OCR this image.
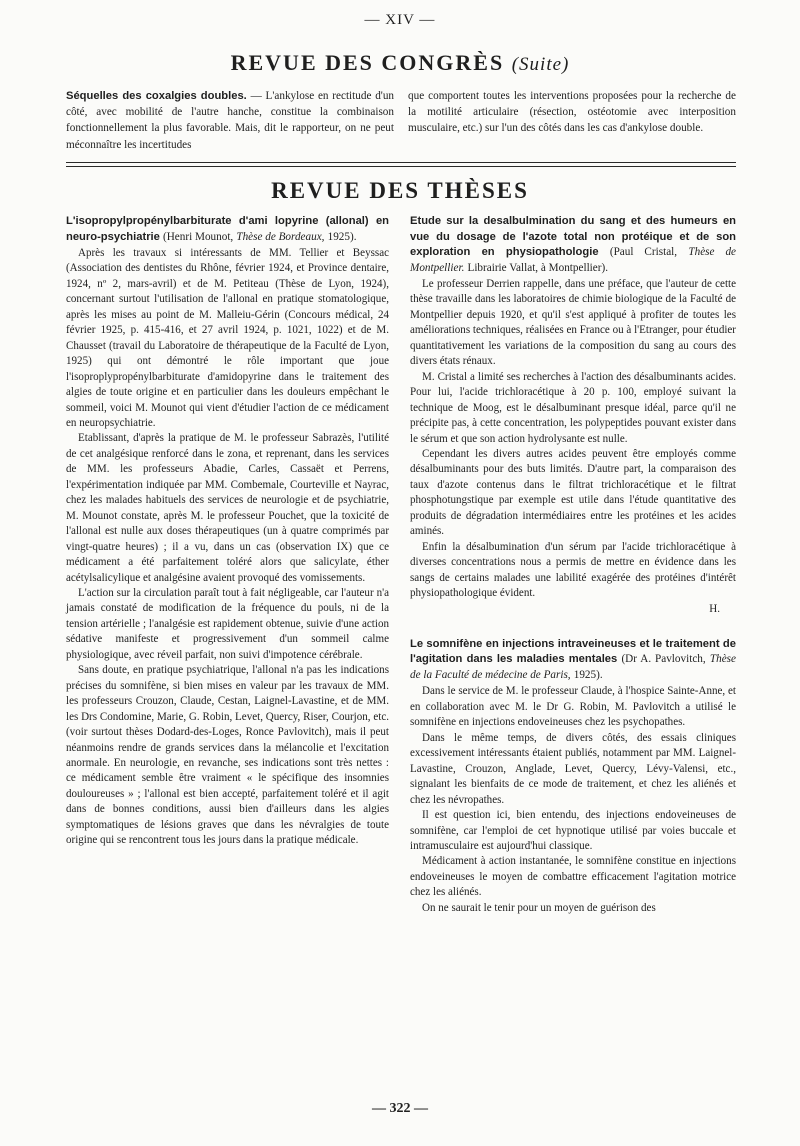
— XIV —
REVUE DES CONGRÈS (Suite)

Séquelles des coxalgies doubles. — L'ankylose en rectitude d'un côté, avec mobilité de l'autre hanche, constitue la combinaison fonctionnellement la plus favorable. Mais, dit le rapporteur, on ne peut méconnaître les incertitudes

que comportent toutes les interventions proposées pour la recherche de la motilité articulaire (résection, ostéotomie avec interposition musculaire, etc.) sur l'un des côtés dans les cas d'ankylose double.

REVUE DES THÈSES
L'isopropylpropénylbarbiturate d'ami lopyrine (allonal) en neuro-psychiatrie (Henri Mounot, Thèse de Bordeaux, 1925).

Après les travaux si intéressants de MM. Tellier et Beyssac (Association des dentistes du Rhône, février 1924, et Province dentaire, 1924, nº 2, mars-avril) et de M. Petiteau (Thèse de Lyon, 1924), concernant surtout l'utilisation de l'allonal en pratique stomatologique, après les mises au point de M. Malleiu-Gérin (Concours médical, 24 février 1925, p. 415-416, et 27 avril 1924, p. 1021, 1022) et de M. Chausset (travail du Laboratoire de thérapeutique de la Faculté de Lyon, 1925) qui ont démontré le rôle important que joue l'isoproplypropénylbarbiturate d'amidopyrine dans le traitement des algies de toute origine et en particulier dans les douleurs empêchant le sommeil, voici M. Mounot qui vient d'étudier l'action de ce médicament en neuropsychiatrie.

Etablissant, d'après la pratique de M. le professeur Sabrazès, l'utilité de cet analgésique renforcé dans le zona, et reprenant, dans les services de MM. les professeurs Abadie, Carles, Cassaët et Perrens, l'expérimentation indiquée par MM. Combemale, Courteville et Nayrac, chez les malades habituels des services de neurologie et de psychiatrie, M. Mounot constate, après M. le professeur Pouchet, que la toxicité de l'allonal est nulle aux doses thérapeutiques (un à quatre comprimés par vingt-quatre heures) ; il a vu, dans un cas (observation IX) que ce médicament a été parfaitement toléré alors que salicylate, éther acétylsalicylique et analgésine avaient provoqué des vomissements.

L'action sur la circulation paraît tout à fait négligeable, car l'auteur n'a jamais constaté de modification de la fréquence du pouls, ni de la tension artérielle ; l'analgésie est rapidement obtenue, suivie d'une action sédative manifeste et progressivement d'un sommeil calme physiologique, avec réveil parfait, non suivi d'impotence cérébrale.

Sans doute, en pratique psychiatrique, l'allonal n'a pas les indications précises du somnifène, si bien mises en valeur par les travaux de MM. les professeurs Crouzon, Claude, Cestan, Laignel-Lavastine, et de MM. les Drs Condomine, Marie, G. Robin, Levet, Quercy, Riser, Courjon, etc. (voir surtout thèses Dodard-des-Loges, Ronce Pavlovitch), mais il peut néanmoins rendre de grands services dans la mélancolie et l'excitation anormale. En neurologie, en revanche, ses indications sont très nettes : ce médicament semble être vraiment « le spécifique des insomnies douloureuses » ; l'allonal est bien accepté, parfaitement toléré et il agit dans de bonnes conditions, aussi bien d'ailleurs dans les algies symptomatiques de lésions graves que dans les névralgies de toute origine qui se rencontrent tous les jours dans la pratique médicale.

Etude sur la desalbulmination du sang et des humeurs en vue du dosage de l'azote total non protéique et de son exploration en physiopathologie (Paul Cristal, Thèse de Montpellier. Librairie Vallat, à Montpellier).

Le professeur Derrien rappelle, dans une préface, que l'auteur de cette thèse travaille dans les laboratoires de chimie biologique de la Faculté de Montpellier depuis 1920, et qu'il s'est appliqué à profiter de toutes les améliorations techniques, réalisées en France ou à l'Etranger, pour étudier quantitativement les variations de la composition du sang au cours des divers états rénaux.

M. Cristal a limité ses recherches à l'action des désalbuminants acides. Pour lui, l'acide trichloracétique à 20 p. 100, employé suivant la technique de Moog, est le désalbuminant presque idéal, parce qu'il ne précipite pas, à cette concentration, les polypeptides pouvant exister dans le sérum et que son action hydrolysante est nulle.

Cependant les divers autres acides peuvent être employés comme désalbuminants pour des buts limités. D'autre part, la comparaison des taux d'azote contenus dans le filtrat trichloracétique et le filtrat phosphotungstique par exemple est utile dans l'étude quantitative des produits de dégradation intermédiaires entre les protéines et les acides aminés.

Enfin la désalbumination d'un sérum par l'acide trichloracétique à diverses concentrations nous a permis de mettre en évidence dans les sangs de certains malades une labilité exagérée des protéines d'intérêt physiopathologique évident.

H.

Le somnifène en injections intraveineuses et le traitement de l'agitation dans les maladies mentales (Dr A. Pavlovitch, Thèse de la Faculté de médecine de Paris, 1925).

Dans le service de M. le professeur Claude, à l'hospice Sainte-Anne, et en collaboration avec M. le Dr G. Robin, M. Pavlovitch a utilisé le somnifène en injections endoveineuses chez les psychopathes.

Dans le même temps, de divers côtés, des essais cliniques excessivement intéressants étaient publiés, notamment par MM. Laignel-Lavastine, Crouzon, Anglade, Levet, Quercy, Lévy-Valensi, etc., signalant les bienfaits de ce mode de traitement, et chez les aliénés et chez les névropathes.

Il est question ici, bien entendu, des injections endoveineuses de somnifène, car l'emploi de cet hypnotique utilisé par voies buccale et intramusculaire est aujourd'hui classique.

Médicament à action instantanée, le somnifène constitue en injections endoveineuses le moyen de combattre efficacement l'agitation motrice chez les aliénés.

On ne saurait le tenir pour un moyen de guérison des

— 322 —
